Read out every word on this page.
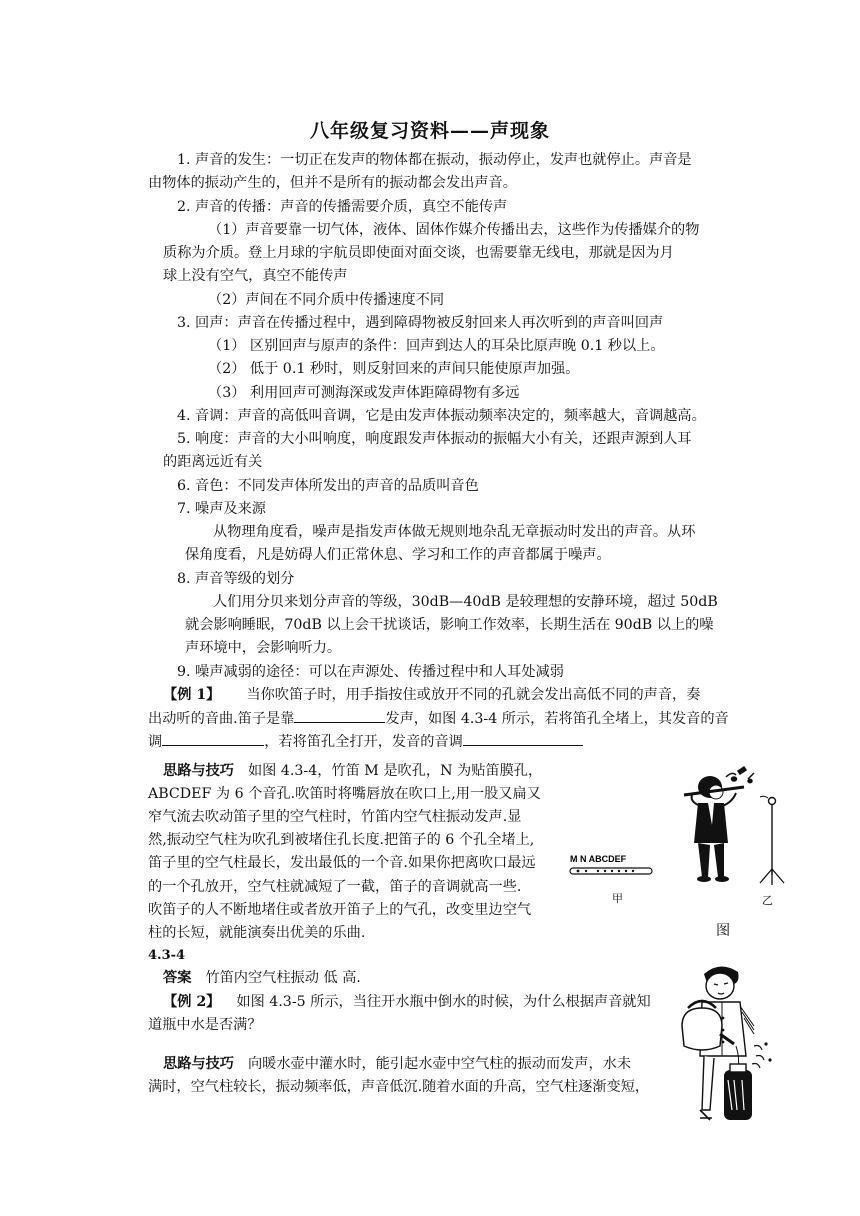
八年级复习资料——声现象
1. 声音的发生：一切正在发声的物体都在振动，振动停止，发声也就停止。声音是
由物体的振动产生的，但并不是所有的振动都会发出声音。
2. 声音的传播：声音的传播需要介质，真空不能传声
（1）声音要靠一切气体，液体、固体作媒介传播出去，这些作为传播媒介的物
质称为介质。登上月球的宇航员即使面对面交谈，也需要靠无线电，那就是因为月
球上没有空气，真空不能传声
（2）声间在不同介质中传播速度不同
3. 回声：声音在传播过程中，遇到障碍物被反射回来人再次听到的声音叫回声
（1） 区别回声与原声的条件：回声到达人的耳朵比原声晚 0.1 秒以上。
（2） 低于 0.1 秒时，则反射回来的声间只能使原声加强。
（3） 利用回声可测海深或发声体距障碍物有多远
4. 音调：声音的高低叫音调，它是由发声体振动频率决定的，频率越大，音调越高。
5. 响度：声音的大小叫响度，响度跟发声体振动的振幅大小有关，还跟声源到人耳
的距离远近有关
6. 音色：不同发声体所发出的声音的品质叫音色
7. 噪声及来源
从物理角度看，噪声是指发声体做无规则地杂乱无章振动时发出的声音。从环
保角度看，凡是妨碍人们正常休息、学习和工作的声音都属于噪声。
8. 声音等级的划分
人们用分贝来划分声音的等级，30dB—40dB 是较理想的安静环境，超过 50dB
就会影响睡眠，70dB 以上会干扰谈话，影响工作效率，长期生活在 90dB 以上的噪
声环境中，会影响听力。
9. 噪声减弱的途径：可以在声源处、传播过程中和人耳处减弱
【例 1】 当你吹笛子时，用手指按住或放开不同的孔就会发出高低不同的声音，奏
出动听的音曲.笛子是靠	发声，如图 4.3-4 所示，若将笛孔全堵上，其发音的音
调	，若将笛孔全打开，发音的音调
思路与技巧 如图 4.3-4，竹笛 M 是吹孔，N 为贴笛膜孔，
ABCDEF 为 6 个音孔.吹笛时将嘴唇放在吹口上,用一股又扁又
窄气流去吹动笛子里的空气柱时，竹笛内空气柱振动发声.显
然,振动空气柱为吹孔到被堵住孔长度.把笛子的 6 个孔全堵上,
笛子里的空气柱最长，发出最低的一个音.如果你把离吹口最远
的一个孔放开，空气柱就减短了一截，笛子的音调就高一些.
吹笛子的人不断地堵住或者放开笛子上的气孔，改变里边空气
柱的长短，就能演奏出优美的乐曲.	图
4.3-4
答案 竹笛内空气柱振动 低 高.
【例 2】 如图 4.3-5 所示，当往开水瓶中倒水的时候，为什么根据声音就知
道瓶中水是否满？
思路与技巧 向暖水壶中灌水时，能引起水壶中空气柱的振动而发声，水未
满时，空气柱较长，振动频率低，声音低沉.随着水面的升高，空气柱逐渐变短，
M N ABCDEF
甲	乙
